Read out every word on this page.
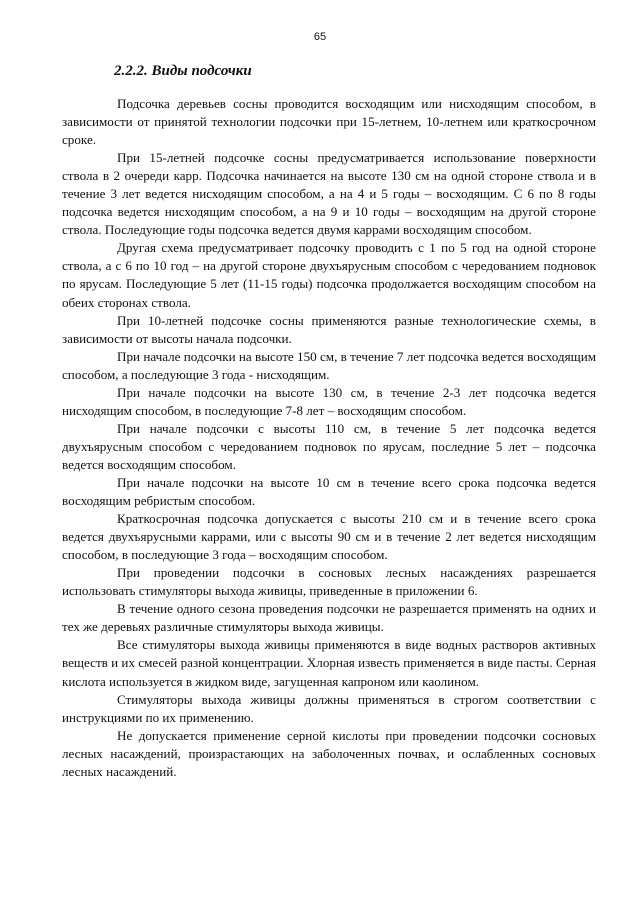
65
2.2.2. Виды подсочки

Подсочка деревьев сосны проводится восходящим или нисходящим способом, в зависимости от принятой технологии подсочки при 15-летнем, 10-летнем или краткосрочном сроке.

При 15-летней подсочке сосны предусматривается использование поверхности ствола в 2 очереди карр. Подсочка начинается на высоте 130 см на одной стороне ствола и в течение 3 лет ведется нисходящим способом, а на 4 и 5 годы – восходящим. С 6 по 8 годы подсочка ведется нисходящим способом, а на 9 и 10 годы – восходящим на другой стороне ствола. Последующие годы подсочка ведется двумя каррами восходящим способом.

Другая схема предусматривает подсочку проводить с 1 по 5 год на одной стороне ствола, а с 6 по 10 год – на другой стороне двухъярусным способом с чередованием подновок по ярусам. Последующие 5 лет (11-15 годы) подсочка продолжается восходящим способом на обеих сторонах ствола.

При 10-летней подсочке сосны применяются разные технологические схемы, в зависимости от высоты начала подсочки.

При начале подсочки на высоте 150 см, в течение 7 лет подсочка ведется восходящим способом, а последующие 3 года - нисходящим.

При начале подсочки на высоте 130 см, в течение 2-3 лет подсочка ведется нисходящим способом, в последующие 7-8 лет – восходящим способом.

При начале подсочки с высоты 110 см, в течение 5 лет подсочка ведется двухъярусным способом с чередованием подновок по ярусам, последние 5 лет – подсочка ведется восходящим способом.

При начале подсочки на высоте 10 см в течение всего срока подсочка ведется восходящим ребристым способом.

Краткосрочная подсочка допускается с высоты 210 см и в течение всего срока ведется двухъярусными каррами, или с высоты 90 см и в течение 2 лет ведется нисходящим способом, в последующие 3 года – восходящим способом.

При проведении подсочки в сосновых лесных насаждениях разрешается использовать стимуляторы выхода живицы, приведенные в приложении 6.

В течение одного сезона проведения подсочки не разрешается применять на одних и тех же деревьях различные стимуляторы выхода живицы.

Все стимуляторы выхода живицы применяются в виде водных растворов активных веществ и их смесей разной концентрации. Хлорная известь применяется в виде пасты. Серная кислота используется в жидком виде, загущенная капроном или каолином.

Стимуляторы выхода живицы должны применяться в строгом соответствии с инструкциями по их применению.

Не допускается применение серной кислоты при проведении подсочки сосновых лесных насаждений, произрастающих на заболоченных почвах, и ослабленных сосновых лесных насаждений.
